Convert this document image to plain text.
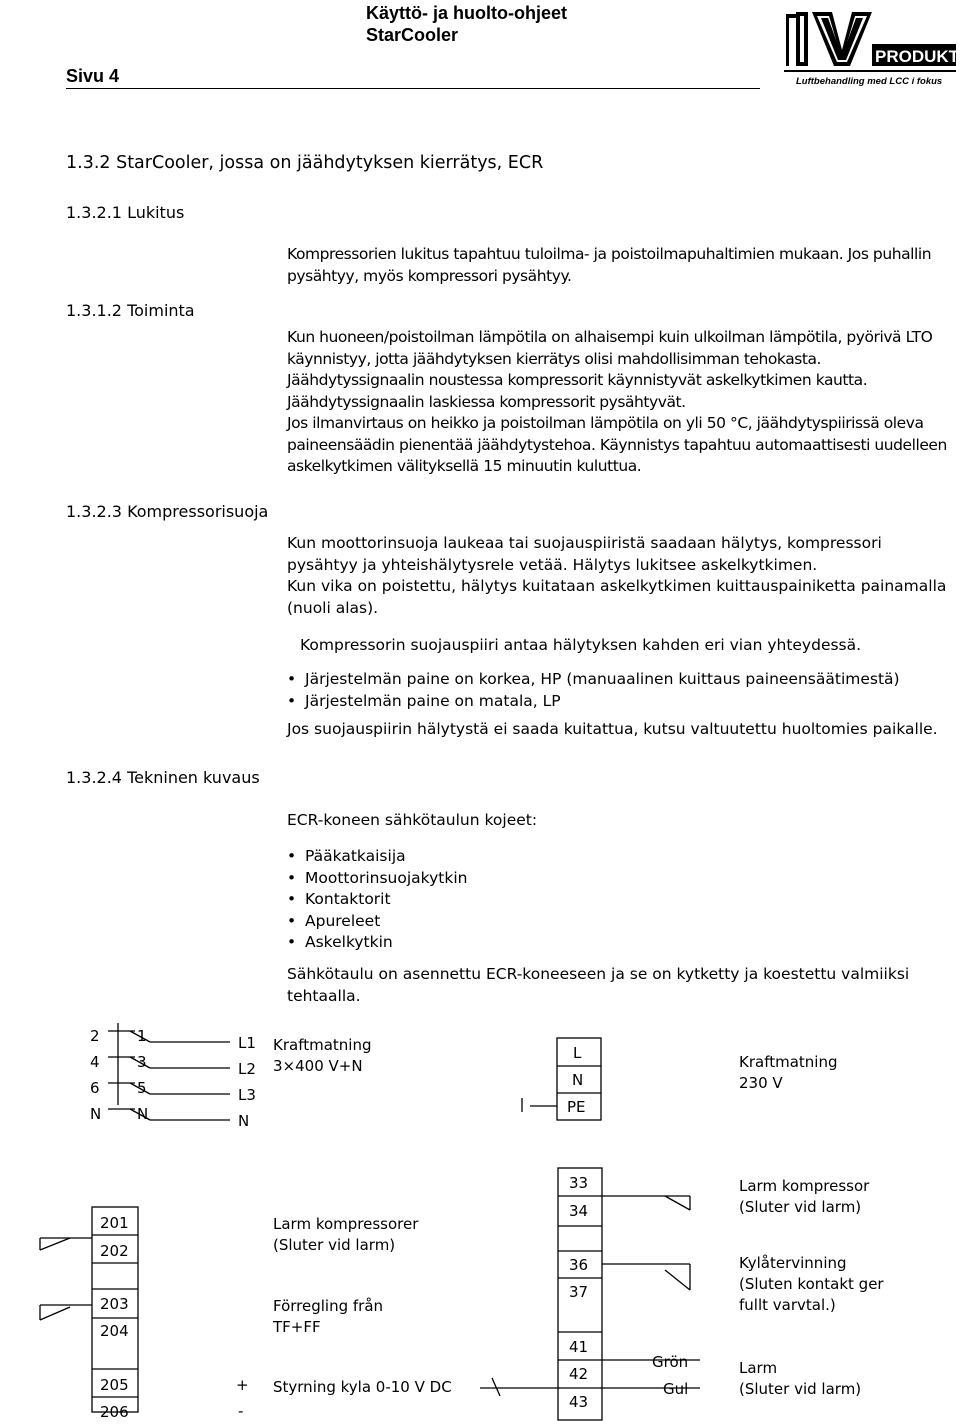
Käyttö- ja huolto-ohjeet
StarCooler
Sivu 4
PRODUKT
Luftbehandling med LCC i fokus
1.3.2 StarCooler, jossa on jäähdytyksen kierrätys, ECR
1.3.2.1 Lukitus
1.3.1.2 Toiminta
1.3.2.3 Kompressorisuoja
1.3.2.4 Tekninen kuvaus

Kompressorien lukitus tapahtuu tuloilma- ja poistoilmapuhaltimien mukaan. Jos puhallin pysähtyy, myös kompressori pysähtyy.

Kun huoneen/poistoilman lämpötila on alhaisempi kuin ulkoilman lämpötila, pyörivä LTO käynnistyy, jotta jäähdytyksen kierrätys olisi mahdollisimman tehokasta. Jäähdytyssignaalin noustessa kompressorit käynnistyvät askelkytkimen kautta. Jäähdytyssignaalin laskiessa kompressorit pysähtyvät.

Jos ilmanvirtaus on heikko ja poistoilman lämpötila on yli 50 °C, jäähdytyspiirissä oleva paineensäädin pienentää jäähdytystehoa. Käynnistys tapahtuu automaattisesti uudelleen askelkytkimen välityksellä 15 minuutin kuluttua.

Kun moottorinsuoja laukeaa tai suojauspiiristä saadaan hälytys, kompressori pysähtyy ja yhteishälytysrele vetää. Hälytys lukitsee askelkytkimen.

Kun vika on poistettu, hälytys kuitataan askelkytkimen kuittauspainiketta painamalla (nuoli alas).

Kompressorin suojauspiiri antaa hälytyksen kahden eri vian yhteydessä.
• Järjestelmän paine on korkea, HP (manuaalinen kuittaus paineensäätimestä)
• Järjestelmän paine on matala, LP
Jos suojauspiirin hälytystä ei saada kuitattua, kutsu valtuutettu huoltomies paikalle.
ECR-koneen sähkötaulun kojeet:
• Pääkatkaisija
• Moottorinsuojakytkin
• Kontaktorit
• Apureleet
• Askelkytkin
Sähkötaulu on asennettu ECR-koneeseen ja se on kytketty ja koestettu valmiiksi tehtaalla.
2
4
6
N
1
3
5
N
L1
L2
L3
N
Kraftmatning
3×400 V+N
L
N
PE
Kraftmatning
230 V
201
202
203
204
205
206
+
-
Larm kompressorer
(Sluter vid larm)
Förregling från
TF+FF
Styrning kyla 0-10 V DC
33
34
36
37
41
42
43
Grön
Gul
Larm kompressor
(Sluter vid larm)
Kylåtervinning
(Sluten kontakt ger
fullt varvtal.)
Larm
(Sluter vid larm)
